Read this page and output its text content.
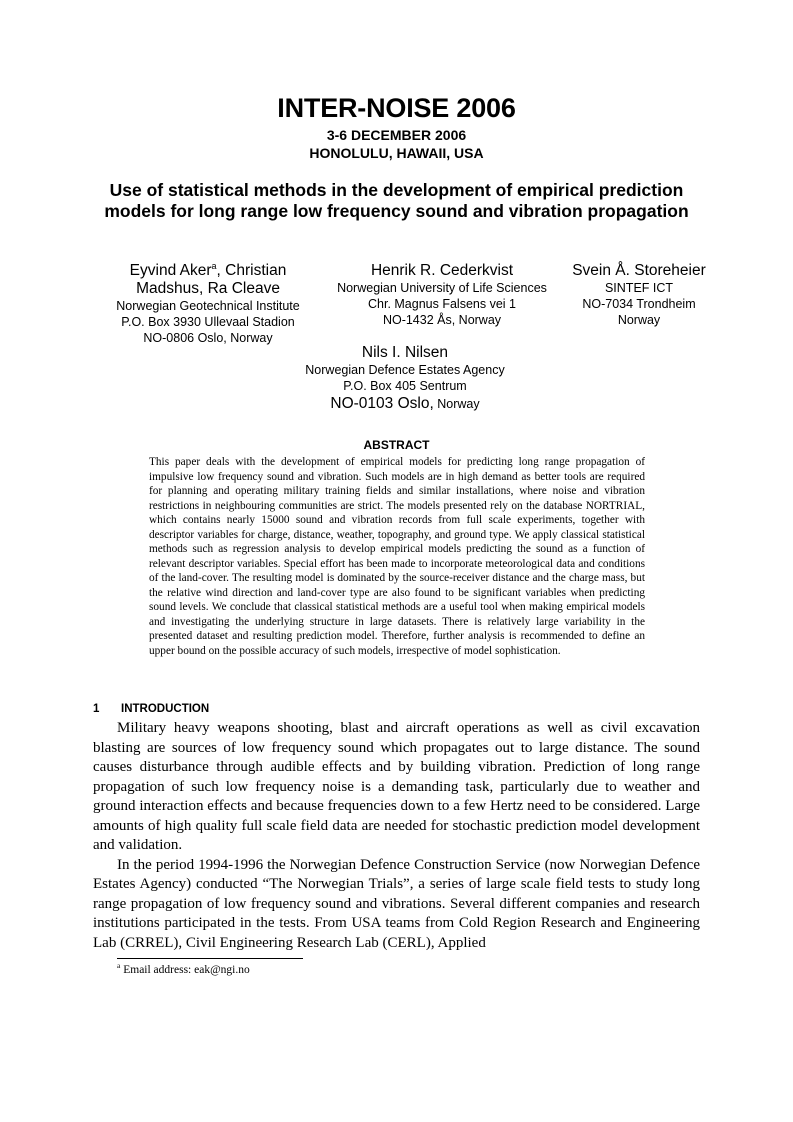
INTER-NOISE 2006
3-6 DECEMBER 2006
HONOLULU, HAWAII, USA
Use of statistical methods in the development of empirical prediction models for long range low frequency sound and vibration propagation
Eyvind Aker$^a$, Christian
Madshus, Ra Cleave
Norwegian Geotechnical Institute
P.O. Box 3930 Ullevaal Stadion
NO-0806 Oslo, Norway
Henrik R. Cederkvist
Norwegian University of Life Sciences
Chr. Magnus Falsens vei 1
NO-1432 Ås, Norway
Svein Å. Storeheier
SINTEF ICT
NO-7034 Trondheim
Norway
Nils I. Nilsen
Norwegian Defence Estates Agency
P.O. Box 405 Sentrum
NO-0103 Oslo, Norway
ABSTRACT
This paper deals with the development of empirical models for predicting long range propagation of impulsive low frequency sound and vibration. Such models are in high demand as better tools are required for planning and operating military training fields and similar installations, where noise and vibration restrictions in neighbouring communities are strict. The models presented rely on the database NORTRIAL, which contains nearly 15000 sound and vibration records from full scale experiments, together with descriptor variables for charge, distance, weather, topography, and ground type. We apply classical statistical methods such as regression analysis to develop empirical models predicting the sound as a function of relevant descriptor variables. Special effort has been made to incorporate meteorological data and conditions of the land-cover. The resulting model is dominated by the source-receiver distance and the charge mass, but the relative wind direction and land-cover type are also found to be significant variables when predicting sound levels. We conclude that classical statistical methods are a useful tool when making empirical models and investigating the underlying structure in large datasets. There is relatively large variability in the presented dataset and resulting prediction model. Therefore, further analysis is recommended to define an upper bound on the possible accuracy of such models, irrespective of model sophistication.
1 INTRODUCTION

Military heavy weapons shooting, blast and aircraft operations as well as civil excavation blasting are sources of low frequency sound which propagates out to large distance. The sound causes disturbance through audible effects and by building vibration. Prediction of long range propagation of such low frequency noise is a demanding task, particularly due to weather and ground interaction effects and because frequencies down to a few Hertz need to be considered. Large amounts of high quality full scale field data are needed for stochastic prediction model development and validation.

In the period 1994-1996 the Norwegian Defence Construction Service (now Norwegian Defence Estates Agency) conducted “The Norwegian Trials”, a series of large scale field tests to study long range propagation of low frequency sound and vibrations. Several different companies and research institutions participated in the tests. From USA teams from Cold Region Research and Engineering Lab (CRREL), Civil Engineering Research Lab (CERL), Applied

$^a$ Email address: eak@ngi.no
